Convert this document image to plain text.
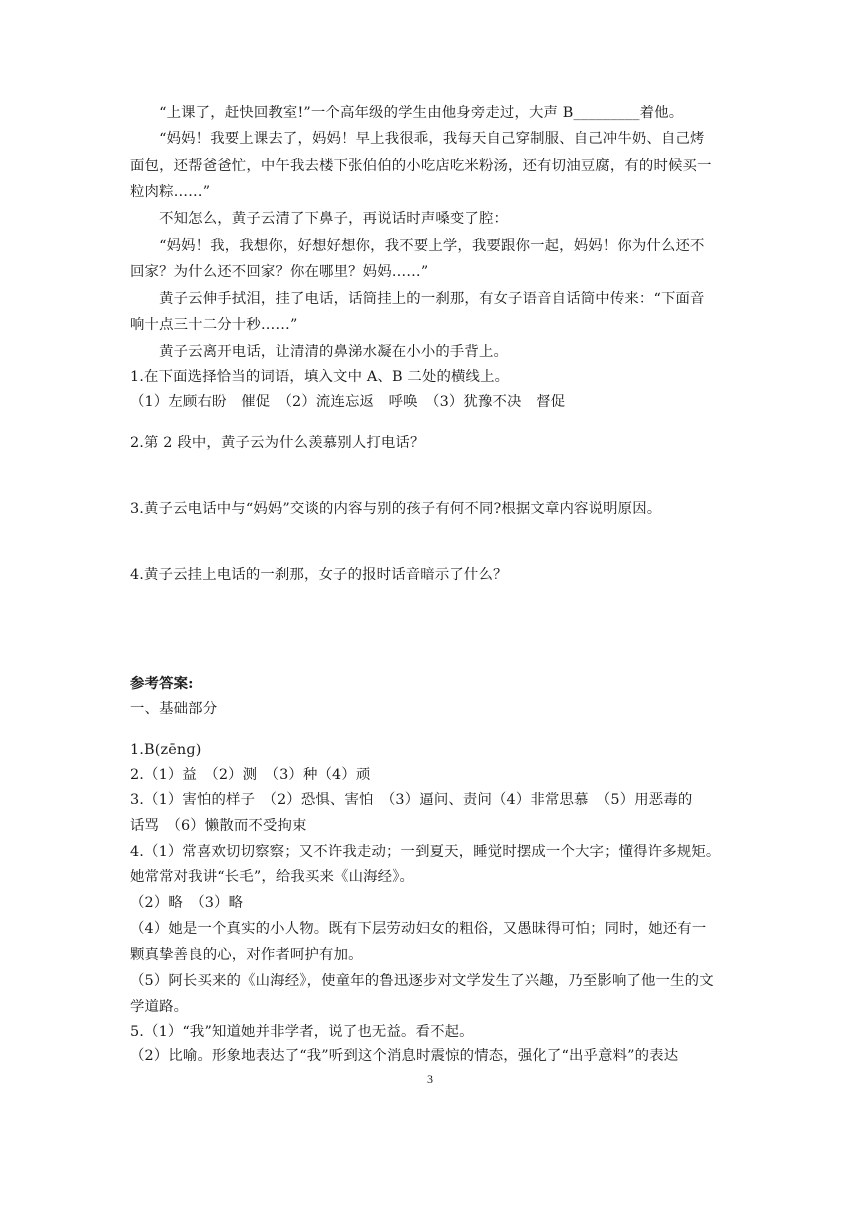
　　“上课了，赶快回教室!”一个高年级的学生由他身旁走过，大声 B_________着他。
　　“妈妈！我要上课去了，妈妈！早上我很乖，我每天自己穿制服、自己冲牛奶、自己烤
面包，还帮爸爸忙，中午我去楼下张伯伯的小吃店吃米粉汤，还有切油豆腐，有的时候买一
粒肉粽……”
　　不知怎么，黄子云清了下鼻子，再说话时声嗓变了腔：
　　“妈妈！我，我想你，好想好想你，我不要上学，我要跟你一起，妈妈！你为什么还不
回家？为什么还不回家？你在哪里？妈妈……”
　　黄子云伸手拭泪，挂了电话，话筒挂上的一刹那，有女子语音自话筒中传来：“下面音
响十点三十二分十秒……”
　　黄子云离开电话，让清清的鼻涕水凝在小小的手背上。
1.在下面选择恰当的词语，填入文中 A、B 二处的横线上。
（1）左顾右盼　催促　（2）流连忘返　呼唤　（3）犹豫不决　督促
2.第 2 段中，黄子云为什么羡慕别人打电话？
3.黄子云电话中与“妈妈”交谈的内容与别的孩子有何不同?根据文章内容说明原因。
4.黄子云挂上电话的一刹那，女子的报时话音暗示了什么？
参考答案:
一、基础部分
1.B(zēnɡ)
2.（1）益　（2）测　（3）种（4）顽
3.（1）害怕的样子　（2）恐惧、害怕　（3）逼问、责问（4）非常思慕　（5）用恶毒的
话骂　（6）懒散而不受拘束
4.（1）常喜欢切切察察；又不许我走动；一到夏天，睡觉时摆成一个大字；懂得许多规矩。
她常常对我讲“长毛”，给我买来《山海经》。
（2）略　（3）略
（4）她是一个真实的小人物。既有下层劳动妇女的粗俗，又愚昧得可怕；同时，她还有一
颗真挚善良的心，对作者呵护有加。
（5）阿长买来的《山海经》，使童年的鲁迅逐步对文学发生了兴趣，乃至影响了他一生的文
学道路。
5.（1）“我”知道她并非学者，说了也无益。看不起。
（2）比喻。形象地表达了“我”听到这个消息时震惊的情态，强化了“出乎意料”的表达
3
